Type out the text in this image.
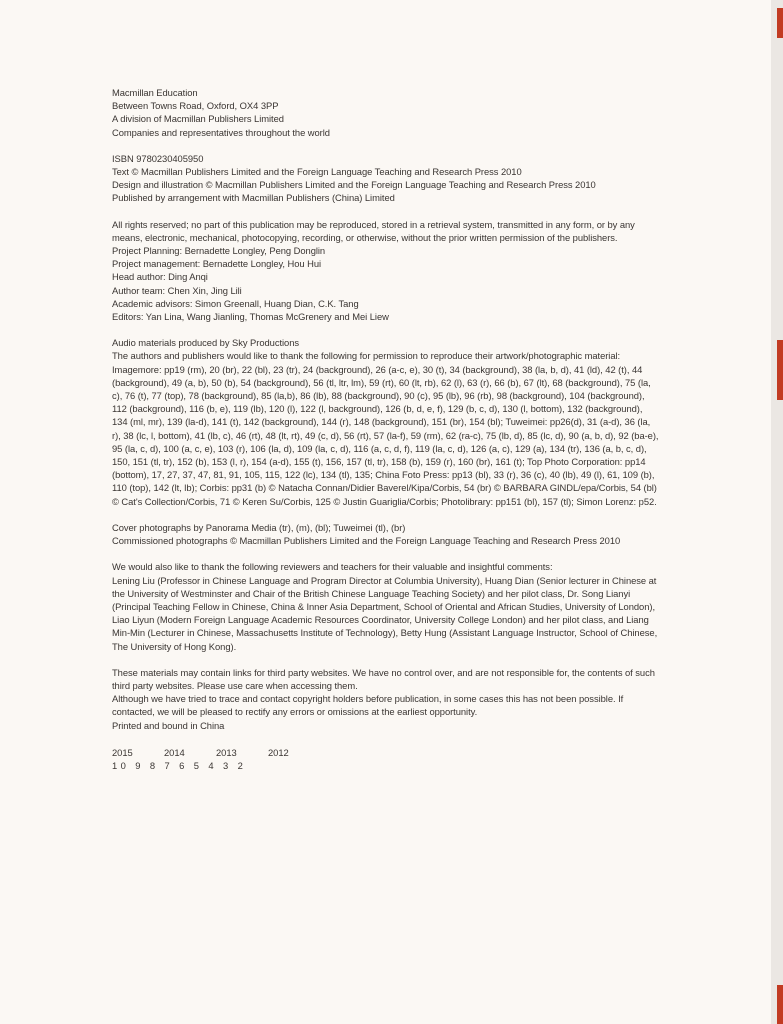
Macmillan Education

Between Towns Road, Oxford, OX4 3PP

A division of Macmillan Publishers Limited

Companies and representatives throughout the world

ISBN 9780230405950

Text © Macmillan Publishers Limited and the Foreign Language Teaching and Research Press 2010

Design and illustration © Macmillan Publishers Limited and the Foreign Language Teaching and Research Press 2010

Published by arrangement with Macmillan Publishers (China) Limited

All rights reserved; no part of this publication may be reproduced, stored in a retrieval system, transmitted in any form, or by any means, electronic, mechanical, photocopying, recording, or otherwise, without the prior written permission of the publishers.

Project Planning: Bernadette Longley, Peng Donglin

Project management: Bernadette Longley, Hou Hui

Head author: Ding Anqi

Author team: Chen Xin, Jing Lili

Academic advisors: Simon Greenall, Huang Dian, C.K. Tang

Editors: Yan Lina, Wang Jianling, Thomas McGrenery and Mei Liew

Audio materials produced by Sky Productions

The authors and publishers would like to thank the following for permission to reproduce their artwork/photographic material:

Imagemore: pp19 (rm), 20 (br), 22 (bl), 23 (tr), 24 (background), 26 (a-c, e), 30 (t), 34 (background), 38 (la, b, d), 41 (ld), 42 (t), 44 (background), 49 (a, b), 50 (b), 54 (background), 56 (tl, ltr, lm), 59 (rt), 60 (lt, rb), 62 (l), 63 (r), 66 (b), 67 (lt), 68 (background), 75 (la, c), 76 (t), 77 (top), 78 (background), 85 (la,b), 86 (lb), 88 (background), 90 (c), 95 (lb), 96 (rb), 98 (background), 104 (background), 112 (background), 116 (b, e), 119 (lb), 120 (l), 122 (l, background), 126 (b, d, e, f), 129 (b, c, d), 130 (l, bottom), 132 (background), 134 (ml, mr), 139 (la-d), 141 (t), 142 (background), 144 (r), 148 (background), 151 (br), 154 (bl); Tuweimei: pp26(d), 31 (a-d), 36 (la, r), 38 (lc, l, bottom), 41 (lb, c), 46 (rt), 48 (lt, rt), 49 (c, d), 56 (rt), 57 (la-f), 59 (rm), 62 (ra-c), 75 (lb, d), 85 (lc, d), 90 (a, b, d), 92 (ba-e), 95 (la, c, d), 100 (a, c, e), 103 (r), 106 (la, d), 109 (la, c, d), 116 (a, c, d, f), 119 (la, c, d), 126 (a, c), 129 (a), 134 (tr), 136 (a, b, c, d), 150, 151 (tl, tr), 152 (b), 153 (l, r), 154 (a-d), 155 (t), 156, 157 (tl, tr), 158 (b), 159 (r), 160 (br), 161 (t); Top Photo Corporation: pp14 (bottom), 17, 27, 37, 47, 81, 91, 105, 115, 122 (lc), 134 (tl), 135; China Foto Press: pp13 (bl), 33 (r), 36 (c), 40 (lb), 49 (l), 61, 109 (b), 110 (top), 142 (lt, lb); Corbis: pp31 (b) © Natacha Connan/Didier Baverel/Kipa/Corbis, 54 (br) © BARBARA GINDL/epa/Corbis, 54 (bl) © Cat's Collection/Corbis, 71 © Keren Su/Corbis, 125 © Justin Guariglia/Corbis; Photolibrary: pp151 (bl), 157 (tl); Simon Lorenz: p52.

Cover photographs by Panorama Media (tr), (m), (bl); Tuweimei (tl), (br)

Commissioned photographs © Macmillan Publishers Limited and the Foreign Language Teaching and Research Press 2010

We would also like to thank the following reviewers and teachers for their valuable and insightful comments:

Lening Liu (Professor in Chinese Language and Program Director at Columbia University), Huang Dian (Senior lecturer in Chinese at the University of Westminster and Chair of the British Chinese Language Teaching Society) and her pilot class, Dr. Song Lianyi (Principal Teaching Fellow in Chinese, China & Inner Asia Department, School of Oriental and African Studies, University of London), Liao Liyun (Modern Foreign Language Academic Resources Coordinator, University College London) and her pilot class, and Liang Min-Min (Lecturer in Chinese, Massachusetts Institute of Technology), Betty Hung (Assistant Language Instructor, School of Chinese, The University of Hong Kong).

These materials may contain links for third party websites. We have no control over, and are not responsible for, the contents of such third party websites. Please use care when accessing them.

Although we have tried to trace and contact copyright holders before publication, in some cases this has not been possible. If contacted, we will be pleased to rectify any errors or omissions at the earliest opportunity.

Printed and bound in China

2015	2014	2013	2012

10 9 8 7 6 5 4 3 2
